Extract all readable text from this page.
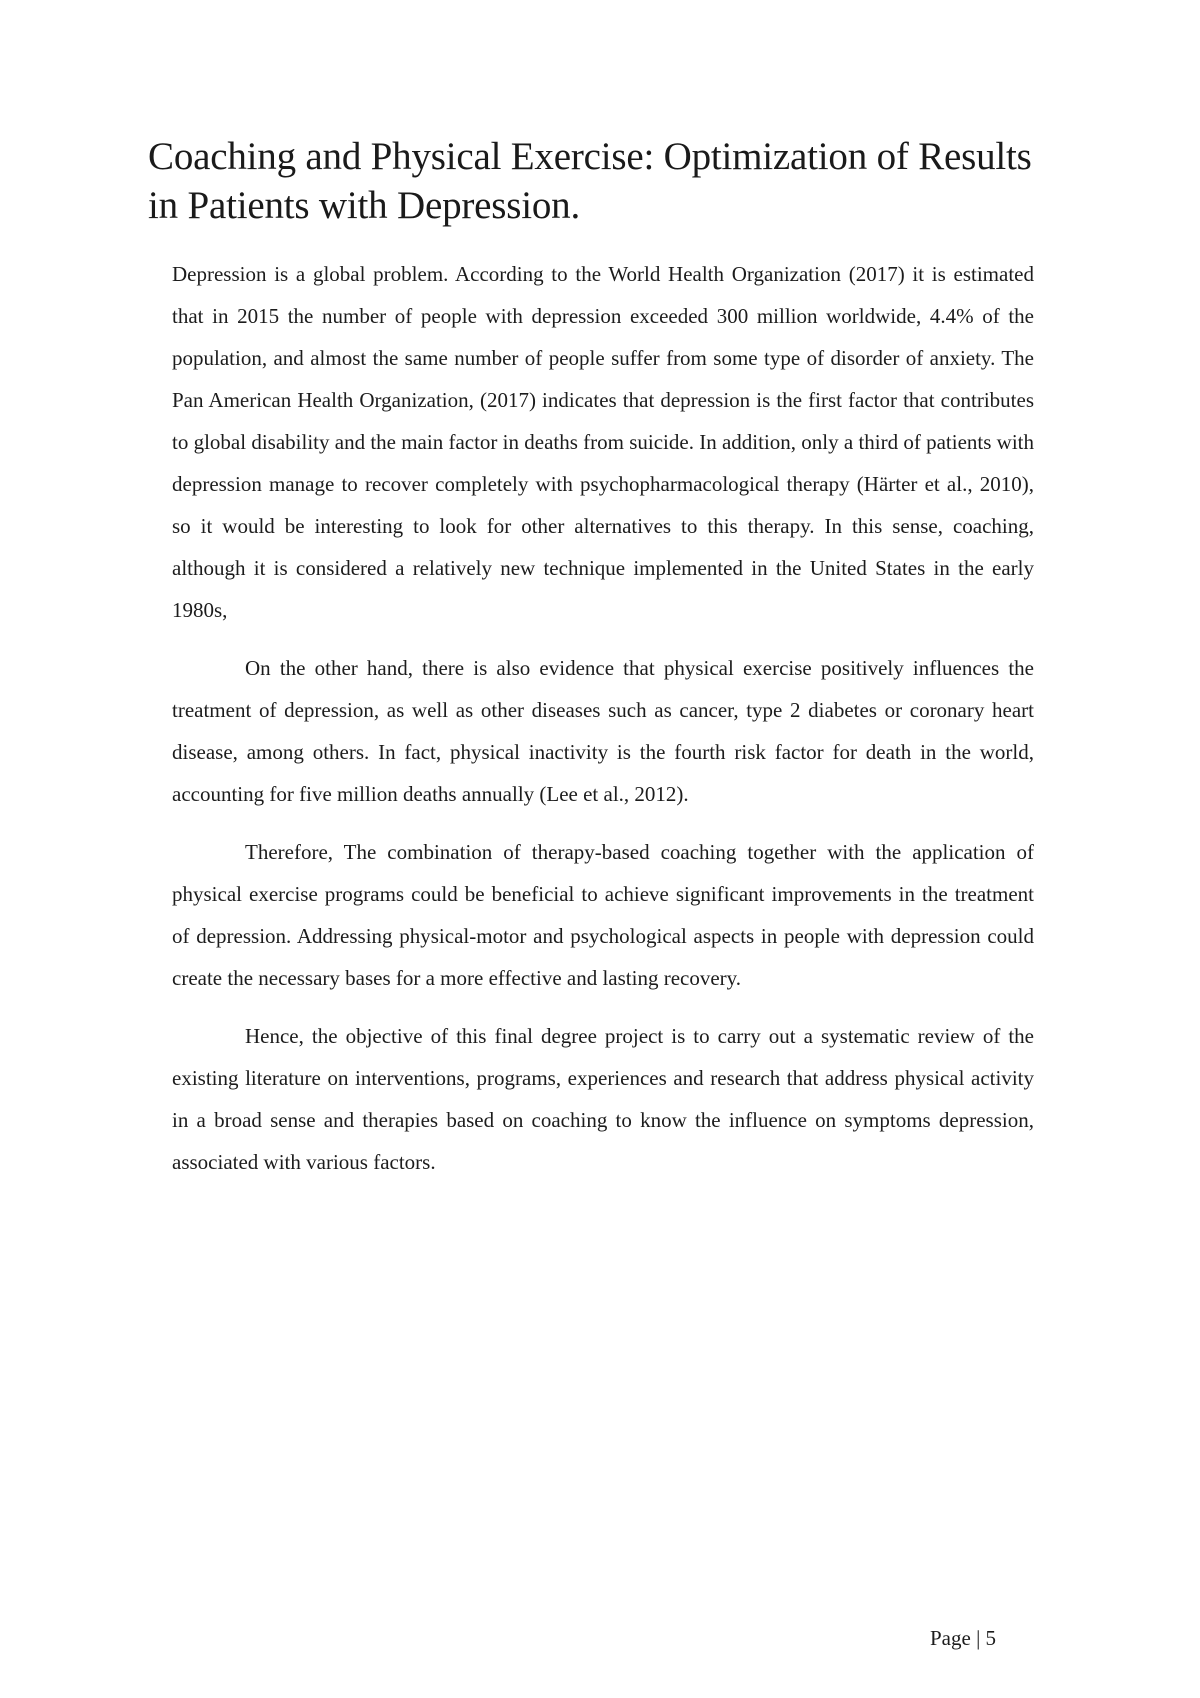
Coaching and Physical Exercise: Optimization of Results in Patients with Depression.

Depression is a global problem. According to the World Health Organization (2017) it is estimated that in 2015 the number of people with depression exceeded 300 million worldwide, 4.4% of the population, and almost the same number of people suffer from some type of disorder of anxiety. The Pan American Health Organization, (2017) indicates that depression is the first factor that contributes to global disability and the main factor in deaths from suicide. In addition, only a third of patients with depression manage to recover completely with psychopharmacological therapy (Härter et al., 2010), so it would be interesting to look for other alternatives to this therapy. In this sense, coaching, although it is considered a relatively new technique implemented in the United States in the early 1980s,

On the other hand, there is also evidence that physical exercise positively influences the treatment of depression, as well as other diseases such as cancer, type 2 diabetes or coronary heart disease, among others. In fact, physical inactivity is the fourth risk factor for death in the world, accounting for five million deaths annually (Lee et al., 2012).

Therefore, The combination of therapy-based coaching together with the application of physical exercise programs could be beneficial to achieve significant improvements in the treatment of depression. Addressing physical-motor and psychological aspects in people with depression could create the necessary bases for a more effective and lasting recovery.

Hence, the objective of this final degree project is to carry out a systematic review of the existing literature on interventions, programs, experiences and research that address physical activity in a broad sense and therapies based on coaching to know the influence on symptoms depression, associated with various factors.

Page | 5
